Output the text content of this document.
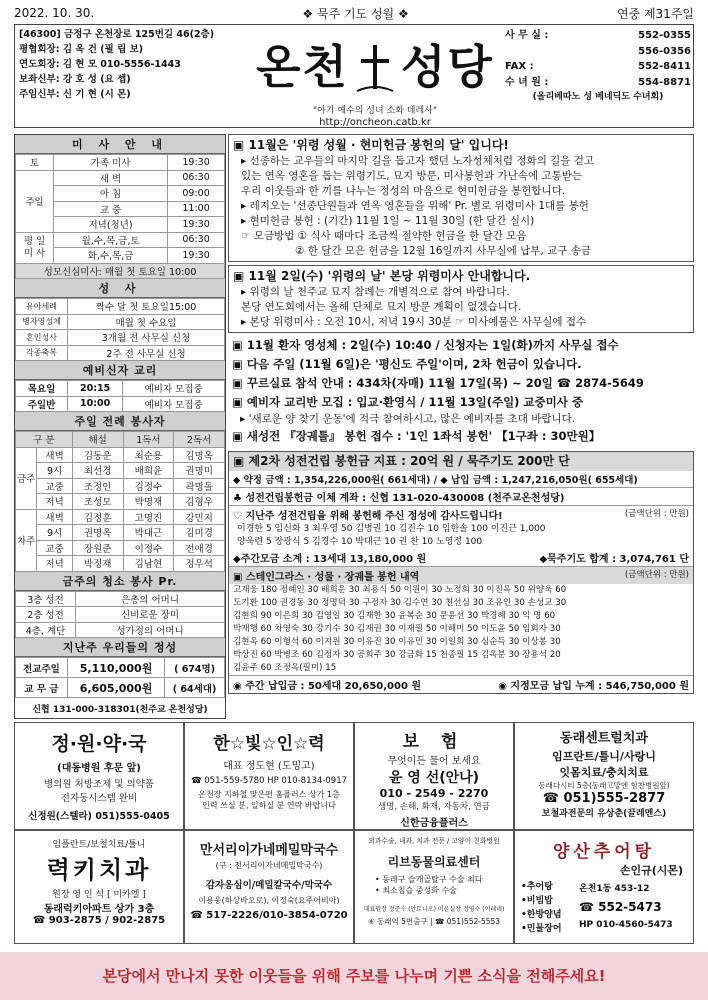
2022. 10. 30.	❖ 묵주 기도 성월 ❖	연중 제31주일
[46300] 금정구 온천장로 125번길 46(2층)
평협회장: 김 옥 건 (필 립 보)
연도회장: 김 현 모 010-5556-1443
보좌신부: 강 호 성 (요 셉)
주임신부: 신 기 현 (시 몬)
온천 성당
"아기 예수의 성녀 소화 데레사"
http://oncheon.catb.kr
사 무 실 :	552-0355
556-0356
FAX :	552-8411
수 녀 원 :	554-8871
(올리베따노 성 베네딕도 수녀회)
미 사 안 내
토	가족 미사	19:30
주일	새 벽	06:30
	아 침	09:00
	교 중	11:00
	저녁(청년)	19:30
평 일
미 사	월,수,목,금,토	06:30
	화,수,목,금	19:30
성모신심미사: 매월 첫 토요일 10:00		
성 사
유아세례	짝수 달 첫 토요일15:00
병자영성체	매월 첫 수요일
혼인성사	3개월 전 사무실 신청
각종축복	2주 전 사무실 신청
예비신자 교리
목요일	20:15	예비자 모집중
주일반	10:00	예비자 모집중
주일 전례 봉사자
구 분		해설	1독서	2독서
금주	새벽	김동운	최순용	김명옥
	9시	최선경	배희윤	권명미
	교중	조정인	김정수	곽명돌
	저녁	조성모	박명재	김형우
차주	새벽	김정훈	고명진	강민지
	9시	권명옥	박대근	김미경
	교중	장원준	이정수	전애경
	저녁	박정재	김남현	정우석
금주의 청소 봉사 Pr.
3층 성전	은총의 어머니
2층 성전	신비로운 장미
4층, 계단	성가정의 어머니
지난주 우리들의 정성
전교주일	5,110,000원	( 674명)
교 무 금	6,605,000원	( 64세대)
신협 131-000-318301(천주교 온천성당)
▣ 11월은 '위령 성월 · 현미헌금 봉헌의 달' 입니다!
▸ 선종하는 교우들의 마지막 길을 돕고자 했던 노자성체처럼 정화의 길을 걷고
있는 연옥 영혼을 돕는 위령기도, 묘지 방문, 미사봉헌과 가난속에 고통받는
우리 이웃들과 한 끼를 나누는 정성의 마음으로 현미헌금을 봉헌합니다.
▸ 레지오는 '선종단원들과 연옥 영혼들을 위해' Pr. 별로 위령미사 1대를 봉헌
▸ 현미헌금 봉헌 : (기간) 11월 1일 ~ 11월 30일 (한 달간 실시)
☞ 모금방법 ① 식사 때마다 조금씩 절약한 헌금을 한 달간 모음
② 한 달간 모은 헌금을 12월 16일까지 사무실에 납부, 교구 송금
▣ 11월 2일(수) '위령의 날' 본당 위령미사 안내합니다.
▸ 위령의 날 천주교 묘지 참례는 개별적으로 참여 바랍니다.
본당 연도회에서는 올해 단체로 묘지 방문 계획이 없겠습니다.
▸ 본당 위령미사 : 오전 10시, 저녁 19시 30분 ☞ 미사예물은 사무실에 접수
▣ 11월 환자 영성체 : 2일(수) 10:40 / 신청자는 1일(화)까지 사무실 접수
▣ 다음 주일 (11월 6일)은 '평신도 주일'이며, 2차 헌금이 있습니다.
▣ 꾸르실료 참석 안내 : 434차(자매) 11월 17일(목) ~ 20일 ☎ 2874-5649
▣ 예비자 교리반 모집 : 입교·환영식 / 11월 13일(주일) 교중미사 중
▸ '새로운 양 찾기 운동'에 적극 참여하시고, 많은 예비자를 초대 바랍니다.
▣ 새성전 『장궤틀』 봉헌 접수 : '1인 1좌석 봉헌' 【1구좌 : 30만원】
▣ 제2차 성전건립 봉헌금 지표 : 20억 원 / 묵주기도 200만 단
◆ 약정 금액 : 1,354,226,000원( 661세대) / ◆ 납입 금액 : 1,247,216,050원( 655세대)
♣ 성전건립봉헌금 이체 계좌 : 신협 131-020-430008 (천주교온천성당)
♡ 지난주 성전건립을 위해 봉헌해 주신 정성에 감사드립니다!	(금액단위 : 만원)
이경한 5 임신화 3 최우영 50 김병권 10 김진수 10 임한솔 100 이진근 1,000
양욱련 5 장광식 5 김경수 10 박대근 10 권 찬 10 노영정 100
◆주간모금 소계 : 13세대 13,180,000 원	◆묵주기도 합계 : 3,074,761 단
▣ 스테인그라스 · 성물 · 장궤틀 봉헌 내역	(금액단위 : 만원)
고재웅 180 정혜인 30 배희운 30 최용식 50 이원이 30 노정희 30 이진옥 50 위양욱 60
도기환 100 권경동 30 정명덕 30 구정자 30 김수연 30 천선심 30 조유인 30 손성교 30
김현희 90 이은희 30 김영일 30 김재한 30 윤복순 30 문윤선 30 박경혜 30 익 명 60
박재행 60 차영숙 30 강기수 30 김재권 30 이재필 50 이해미 50 이도윤 50 임회자 30
김현옥 60 이형석 60 이지원 30 이유진 30 이유민 30 이일희 30 심순득 30 이상봉 30
박상진 60 박병조 60 김정자 30 공희주 30 강금화 15 천종필 15 김옥분 30 장용석 20
김윤주 60 조정옥(필미) 15
◉ 주간 납입금 : 50세대 20,650,000 원	◉ 지정모금 납입 누계 : 546,750,000 원
정·원·약·국
(대동병원 후문 앞)
병의원 처방조제 및 의약품
전자동시스템 완비
신정원(스텔라) 051)555-0405
한☆빛☆인☆력
대표 정도현 (도밍고)
☎ 051-559-5780 HP 010-8134-0917
온천장 지하철 맞은편 홈플러스 상가 1층
인력 쓰실 분, 일하실 분 연락 바랍니다
보 험
무엇이든 물어 보세요
윤 영 선(안나)
010 - 2549 - 2270
생명, 손해, 화재, 자동차, 연금
신한금융플러스
동래센트럴치과
임프란트/틀니/사랑니
잇몸치료/충치치료
동래다시티 5층(동래고망엔 힘찬병원앞)
☎ 051)555-2877
보철과전문의 유상춘(끌레멘스)
임플란트/보철치료/틀니
력키치과
원장 영 인 석 [ 미카엘 ]
동래럭키아파트 상가 3층
☎ 903-2875 / 902-2875
만서리이가네메밀막국수
(구 : 전서리이가네메밀막국수)
감자옹심이/메밀칼국수/막국수
이용웅(하상바오로), 이정숙(요주어비아)
☎ 517-2226/010-3854-0720
외과수술, 내과, 치과 전문 / 고양이 친화병원
리브동물의료센터
• 동래구 슬개골탈구 수술 최다
• 최소침습 중성화 수술
대표원장 정준수 (안토니오) 이윤실장 정영수 (이레네)
④ 동래역 5번출구 | ☎ 051)552-5553
양산추어탕
손인규(시몬)
•추어탕
•비빔밥
•한방양념
•민물장어
온천1동 453-12
☎ 552-5473
HP 010-4560-5473
본당에서 만나지 못한 이웃들을 위해 주보를 나누며 기쁜 소식을 전해주세요!
